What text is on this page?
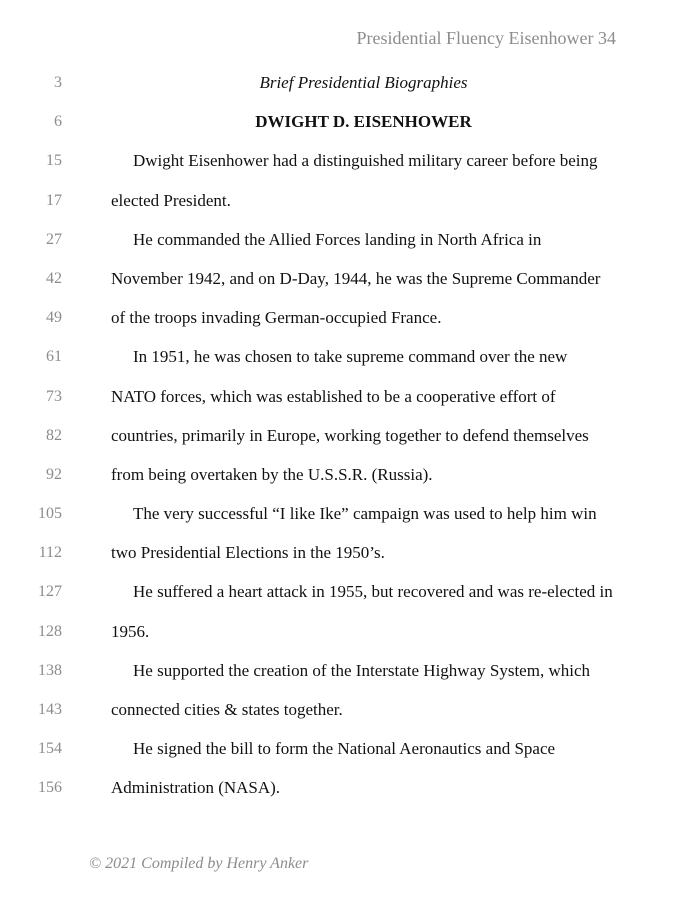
Presidential Fluency Eisenhower 34
3	Brief Presidential Biographies
6	DWIGHT D. EISENHOWER
15	Dwight Eisenhower had a distinguished military career before being
17	elected President.
27	He commanded the Allied Forces landing in North Africa in
42	November 1942, and on D-Day, 1944, he was the Supreme Commander
49	of the troops invading German-occupied France.
61	In 1951, he was chosen to take supreme command over the new
73	NATO forces, which was established to be a cooperative effort of
82	countries, primarily in Europe, working together to defend themselves
92	from being overtaken by the U.S.S.R. (Russia).
105	The very successful “I like Ike” campaign was used to help him win
112	two Presidential Elections in the 1950’s.
127	He suffered a heart attack in 1955, but recovered and was re-elected in
128	1956.
138	He supported the creation of the Interstate Highway System, which
143	connected cities & states together.
154	He signed the bill to form the National Aeronautics and Space
156	Administration (NASA).
© 2021 Compiled by Henry Anker
